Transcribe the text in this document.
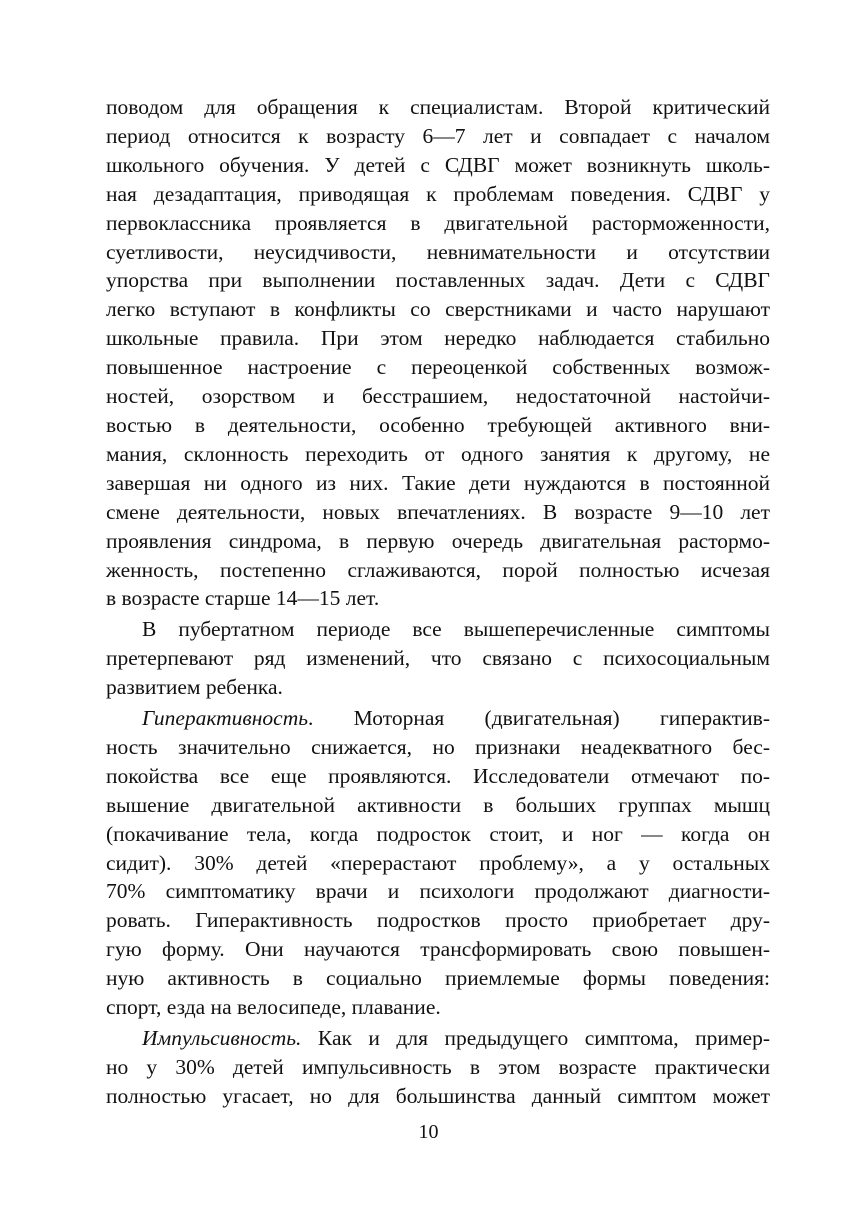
поводом для обращения к специалистам. Второй критический
период относится к возрасту 6—7 лет и совпадает с началом
школьного обучения. У детей с СДВГ может возникнуть школь-
ная дезадаптация, приводящая к проблемам поведения. СДВГ у
первоклассника проявляется в двигательной расторможенности,
суетливости, неусидчивости, невнимательности и отсутствии
упорства при выполнении поставленных задач. Дети с СДВГ
легко вступают в конфликты со сверстниками и часто нарушают
школьные правила. При этом нередко наблюдается стабильно
повышенное настроение с переоценкой собственных возмож-
ностей, озорством и бесстрашием, недостаточной настойчи-
востью в деятельности, особенно требующей активного вни-
мания, склонность переходить от одного занятия к другому, не
завершая ни одного из них. Такие дети нуждаются в постоянной
смене деятельности, новых впечатлениях. В возрасте 9—10 лет
проявления синдрома, в первую очередь двигательная растормо-
женность, постепенно сглаживаются, порой полностью исчезая
в возрасте старше 14—15 лет.

В пубертатном периоде все вышеперечисленные симптомы
претерпевают ряд изменений, что связано с психосоциальным
развитием ребенка.

Гиперактивность. Моторная (двигательная) гиперактив-
ность значительно снижается, но признаки неадекватного бес-
покойства все еще проявляются. Исследователи отмечают по-
вышение двигательной активности в больших группах мышц
(покачивание тела, когда подросток стоит, и ног — когда он
сидит). 30% детей «перерастают проблему», а у остальных
70% симптоматику врачи и психологи продолжают диагности-
ровать. Гиперактивность подростков просто приобретает дру-
гую форму. Они научаются трансформировать свою повышен-
ную активность в социально приемлемые формы поведения:
спорт, езда на велосипеде, плавание.

Импульсивность. Как и для предыдущего симптома, пример-
но у 30% детей импульсивность в этом возрасте практически
полностью угасает, но для большинства данный симптом может

10
